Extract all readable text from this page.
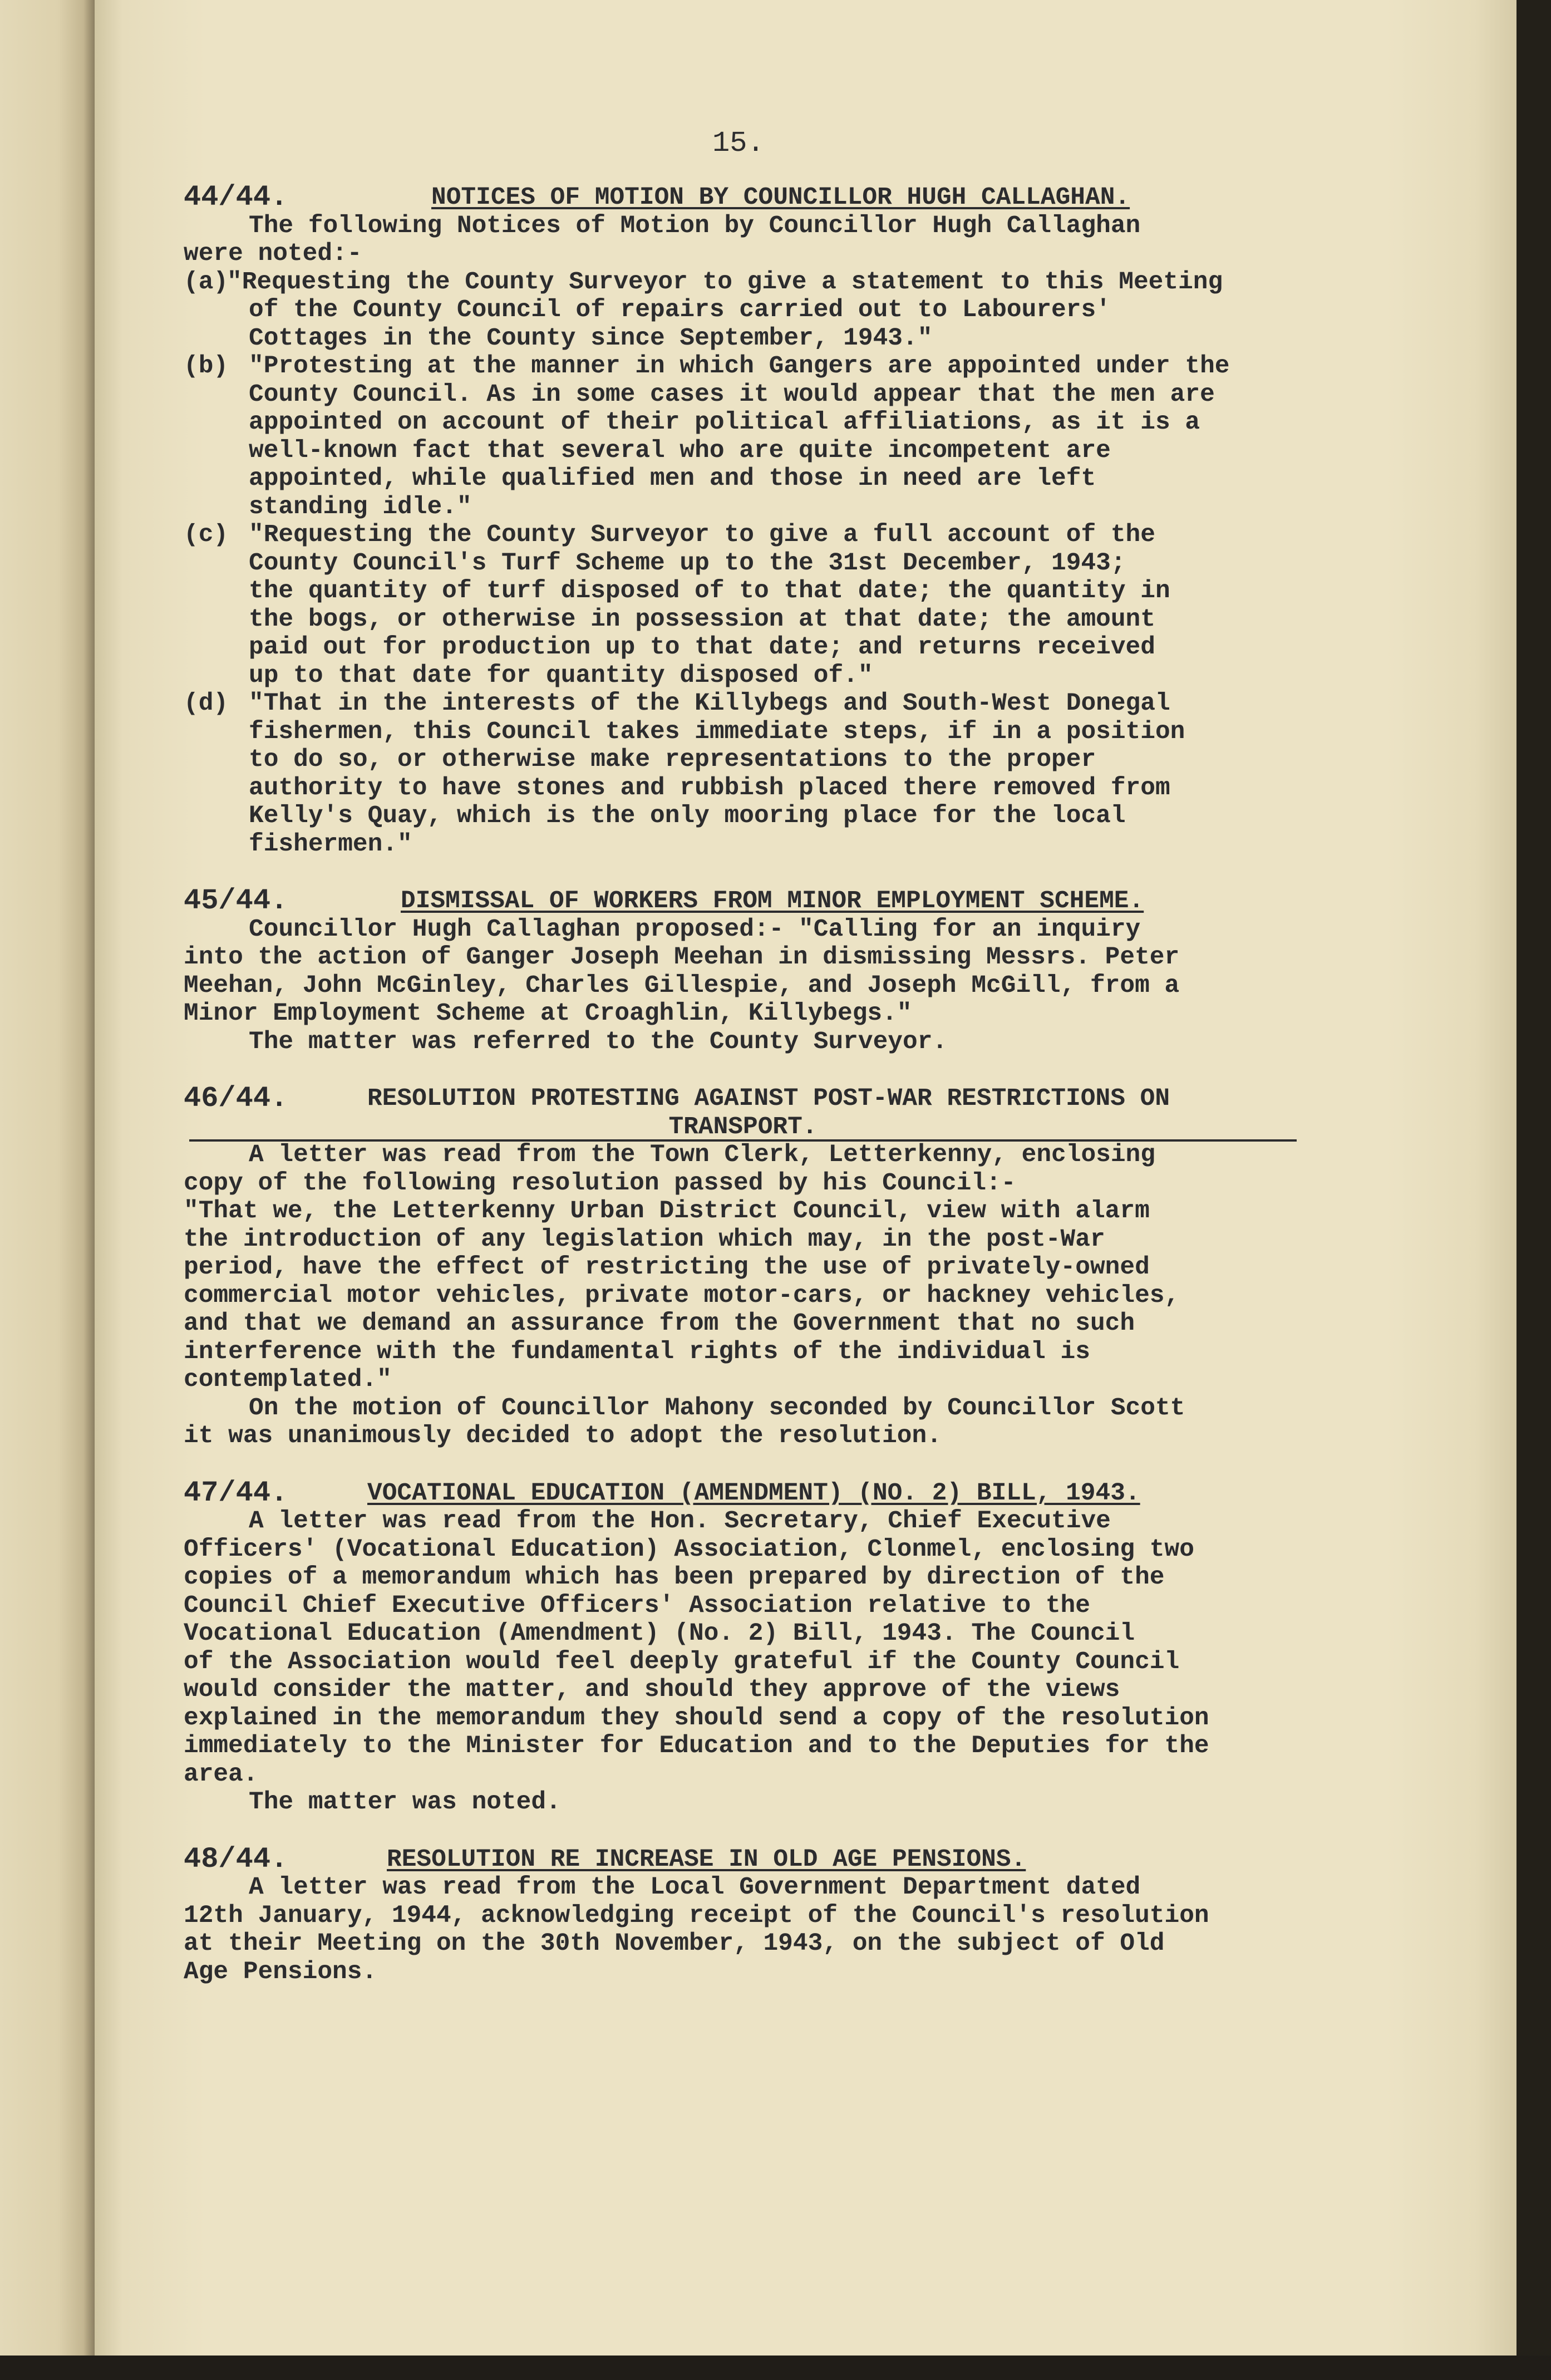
15.

44/44.

	NOTICES OF MOTION BY COUNCILLOR HUGH CALLAGHAN.

The following Notices of Motion by Councillor Hugh Callaghan
were noted:-
(a)
"Requesting the County Surveyor to give a statement to this Meeting
of the County Council of repairs carried out to Labourers'
Cottages in the County since September, 1943."
(b) "Protesting at the manner in which Gangers are appointed under the
County Council. As in some cases it would appear that the men are
appointed on account of their political affiliations, as it is a
well-known fact that several who are quite incompetent are
appointed, while qualified men and those in need are left
standing idle."
(c) "Requesting the County Surveyor to give a full account of the
County Council's Turf Scheme up to the 31st December, 1943;
the quantity of turf disposed of to that date; the quantity in
the bogs, or otherwise in possession at that date; the amount
paid out for production up to that date; and returns received
up to that date for quantity disposed of."
(d) "That in the interests of the Killybegs and South-West Donegal
fishermen, this Council takes immediate steps, if in a position
to do so, or otherwise make representations to the proper
authority to have stones and rubbish placed there removed from
Kelly's Quay, which is the only mooring place for the local
fishermen."

45/44.

	DISMISSAL OF WORKERS FROM MINOR EMPLOYMENT SCHEME.

Councillor Hugh Callaghan proposed:- "Calling for an inquiry
into the action of Ganger Joseph Meehan in dismissing Messrs. Peter
Meehan, John McGinley, Charles Gillespie, and Joseph McGill, from a
Minor Employment Scheme at Croaghlin, Killybegs."
The matter was referred to the County Surveyor.

46/44.

	RESOLUTION PROTESTING AGAINST POST-WAR RESTRICTIONS ON

TRANSPORT.

A letter was read from the Town Clerk, Letterkenny, enclosing
copy of the following resolution passed by his Council:-
"That we, the Letterkenny Urban District Council, view with alarm
the introduction of any legislation which may, in the post-War
period, have the effect of restricting the use of privately-owned
commercial motor vehicles, private motor-cars, or hackney vehicles,
and that we demand an assurance from the Government that no such
interference with the fundamental rights of the individual is
contemplated."
On the motion of Councillor Mahony seconded by Councillor Scott
it was unanimously decided to adopt the resolution.

47/44.

	VOCATIONAL EDUCATION (AMENDMENT) (NO. 2) BILL, 1943.

A letter was read from the Hon. Secretary, Chief Executive
Officers' (Vocational Education) Association, Clonmel, enclosing two
copies of a memorandum which has been prepared by direction of the
Council Chief Executive Officers' Association relative to the
Vocational Education (Amendment) (No. 2) Bill, 1943. The Council
of the Association would feel deeply grateful if the County Council
would consider the matter, and should they approve of the views
explained in the memorandum they should send a copy of the resolution
immediately to the Minister for Education and to the Deputies for the
area.
The matter was noted.

48/44.

	RESOLUTION RE INCREASE IN OLD AGE PENSIONS.

A letter was read from the Local Government Department dated
12th January, 1944, acknowledging receipt of the Council's resolution
at their Meeting on the 30th November, 1943, on the subject of Old
Age Pensions.
